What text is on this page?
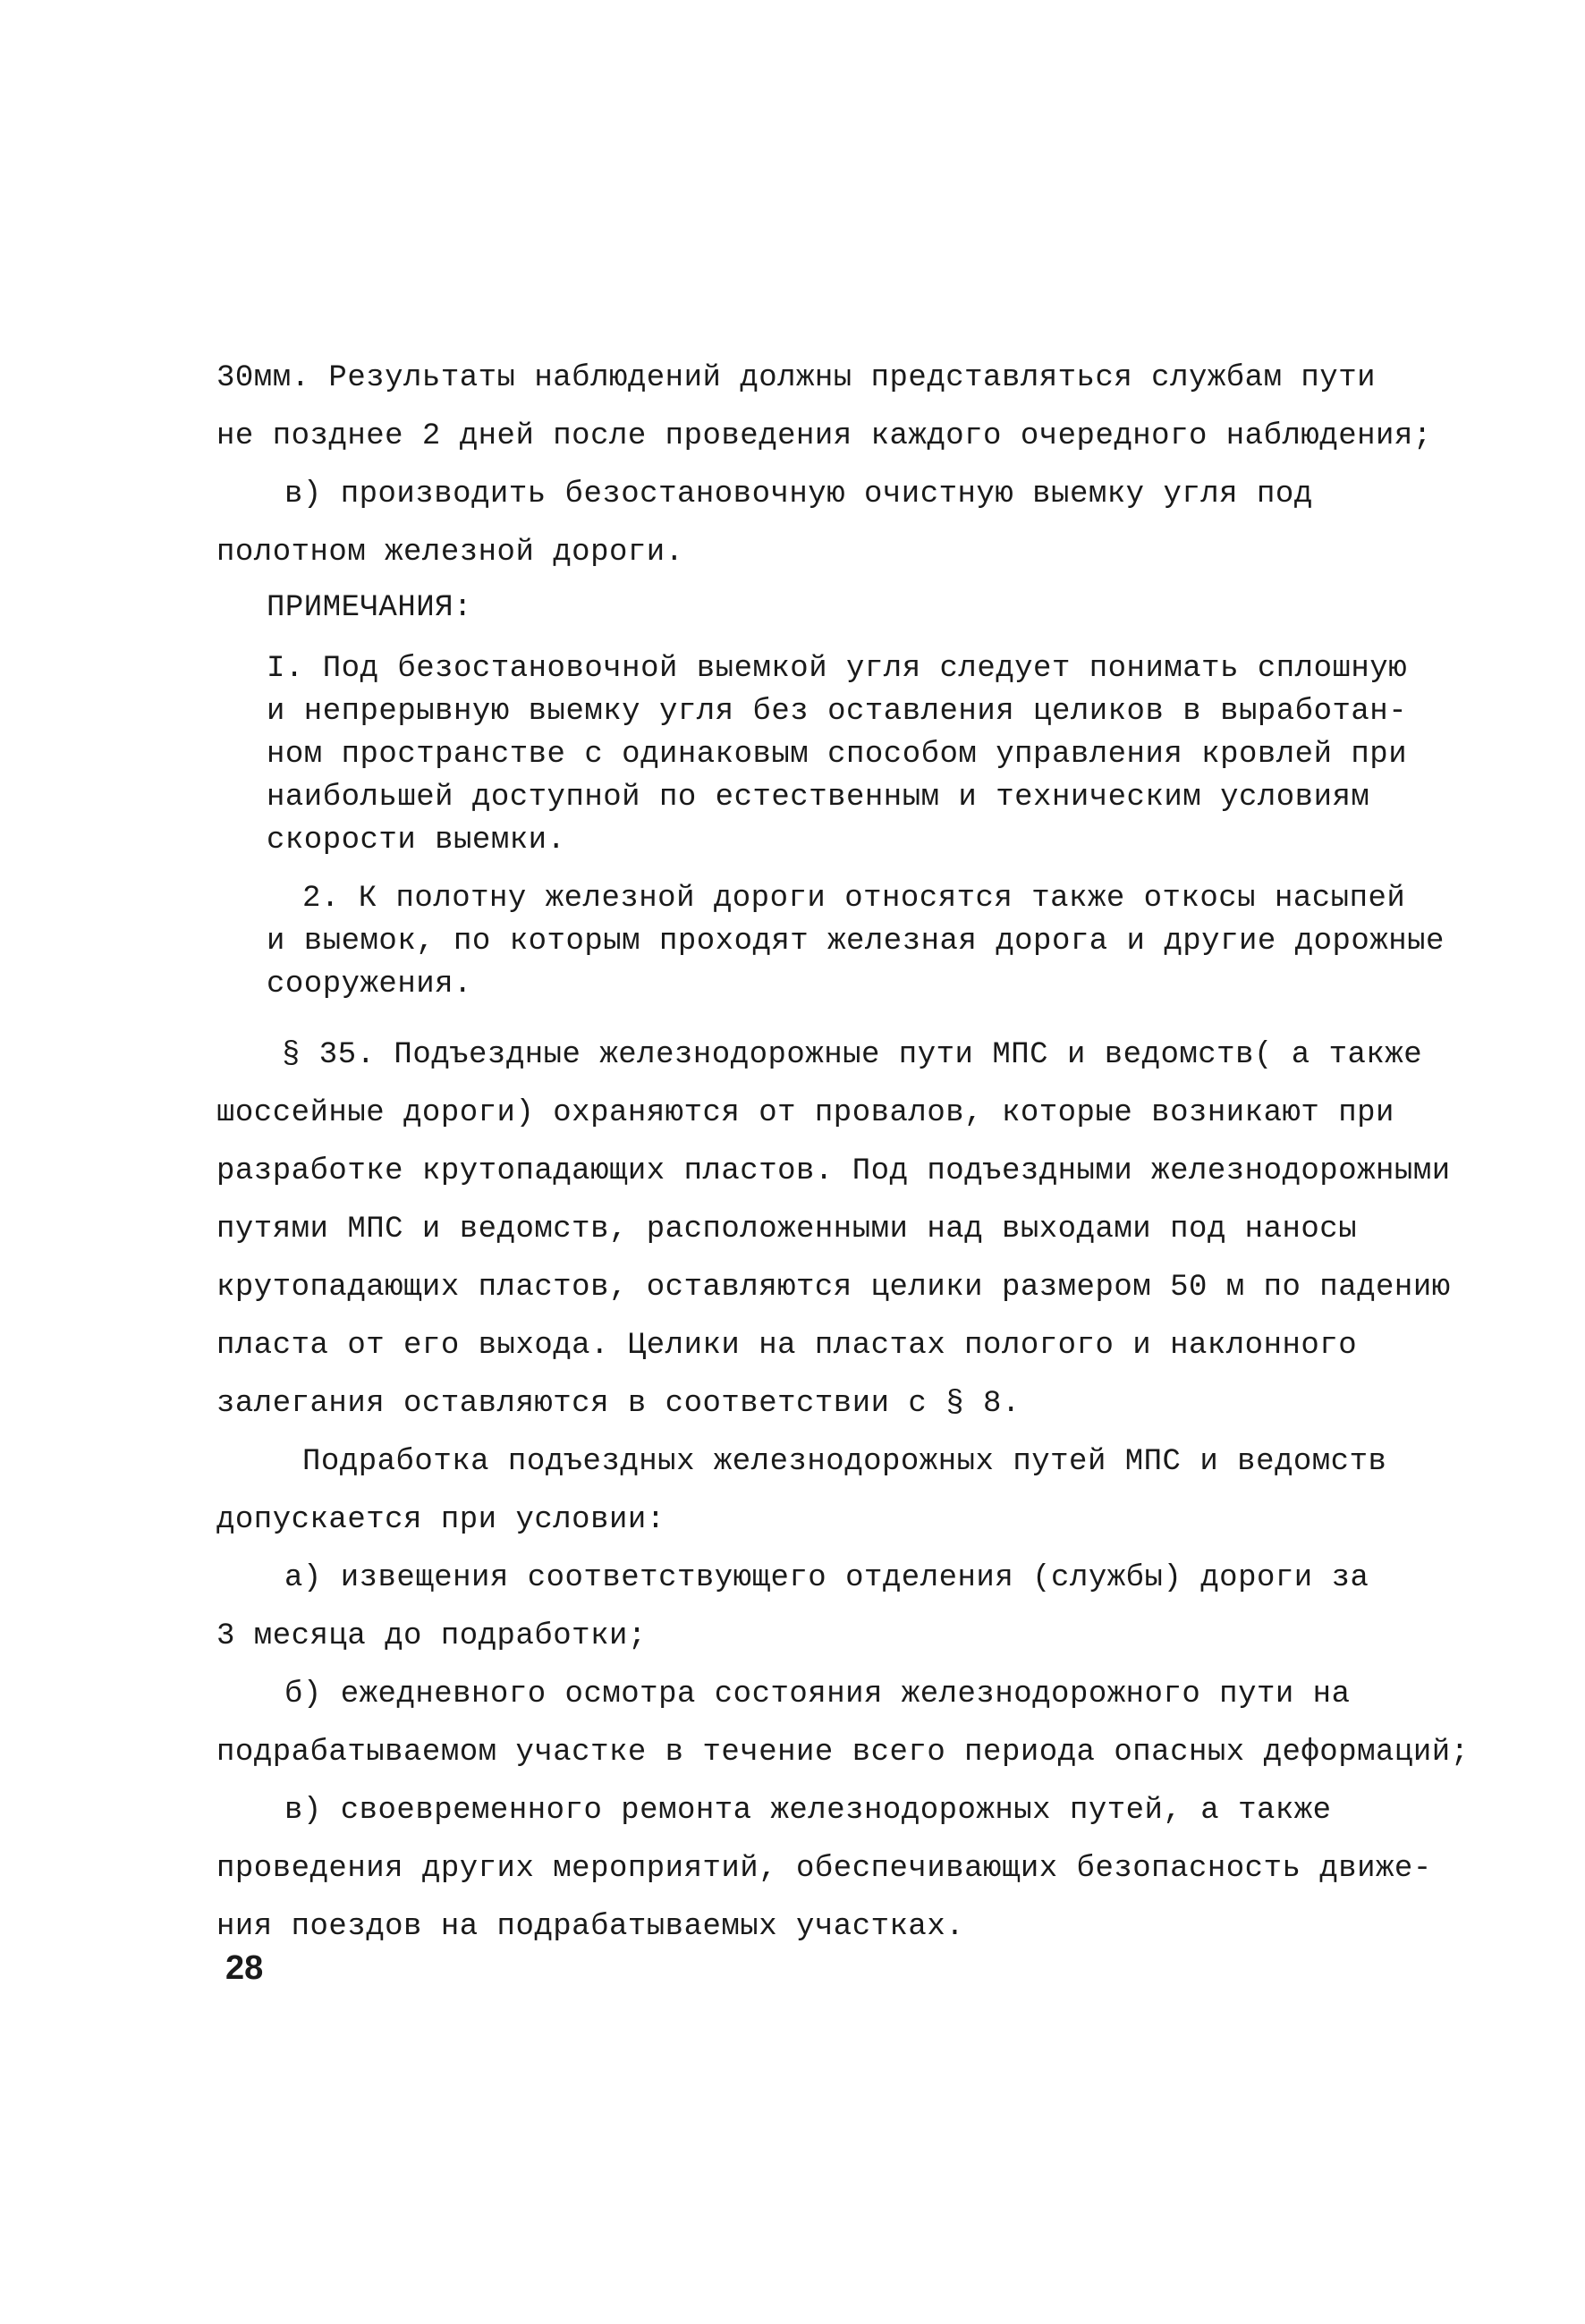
30мм. Результаты наблюдений должны представляться службам пути
не позднее 2 дней после проведения каждого очередного наблюдения;
в) производить безостановочную очистную выемку угля под
полотном железной дороги.
ПРИМЕЧАНИЯ:
I. Под безостановочной выемкой угля следует понимать сплошную
и непрерывную выемку угля без оставления целиков в выработан-
ном пространстве с одинаковым способом управления кровлей при
наибольшей доступной по естественным и техническим условиям
скорости выемки.
2. К полотну железной дороги относятся также откосы насыпей
и выемок, по которым проходят железная дорога и другие дорожные
сооружения.
§ 35. Подъездные железнодорожные пути МПС и ведомств( а также
шоссейные дороги) охраняются от провалов, которые возникают при
разработке крутопадающих пластов. Под подъездными железнодорожными
путями МПС и ведомств, расположенными над выходами под наносы
крутопадающих пластов, оставляются целики размером 50 м по падению
пласта от его выхода. Целики на пластах пологого и наклонного
залегания оставляются в соответствии с § 8.
Подработка подъездных железнодорожных путей МПС и ведомств
допускается при условии:
а) извещения соответствующего отделения (службы) дороги за
3 месяца до подработки;
б) ежедневного осмотра состояния железнодорожного пути на
подрабатываемом участке в течение всего периода опасных деформаций;
в) своевременного ремонта железнодорожных путей, а также
проведения других мероприятий, обеспечивающих безопасность движе-
ния поездов на подрабатываемых участках.
28
